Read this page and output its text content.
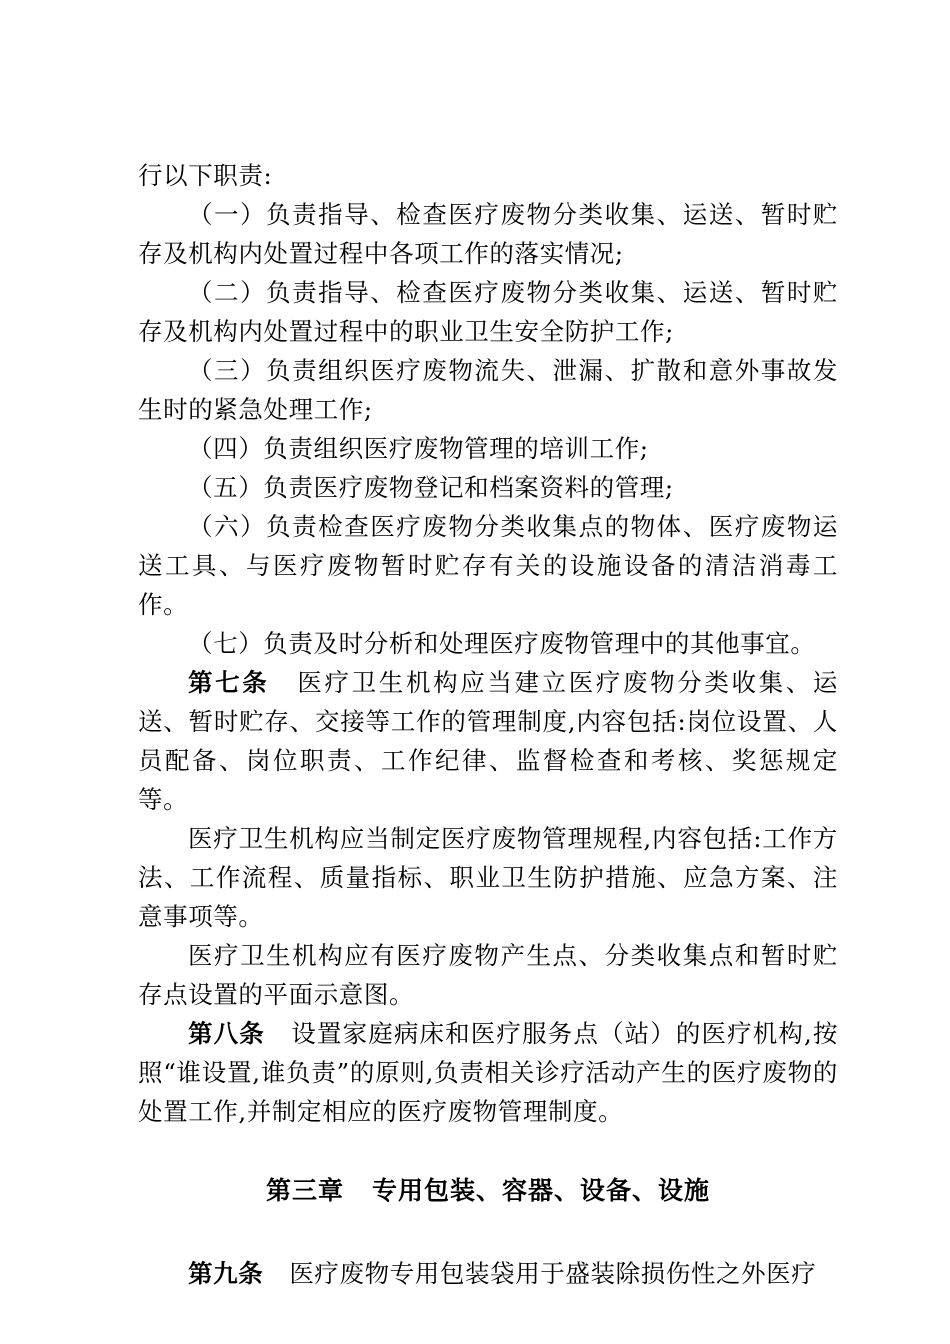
行以下职责:

（一）负责指导、检查医疗废物分类收集、运送、暂时贮存及机构内处置过程中各项工作的落实情况;

（二）负责指导、检查医疗废物分类收集、运送、暂时贮存及机构内处置过程中的职业卫生安全防护工作;

（三）负责组织医疗废物流失、泄漏、扩散和意外事故发生时的紧急处理工作;

（四）负责组织医疗废物管理的培训工作;

（五）负责医疗废物登记和档案资料的管理;

（六）负责检查医疗废物分类收集点的物体、医疗废物运送工具、与医疗废物暂时贮存有关的设施设备的清洁消毒工作。

（七）负责及时分析和处理医疗废物管理中的其他事宜。

第七条 医疗卫生机构应当建立医疗废物分类收集、运送、暂时贮存、交接等工作的管理制度,内容包括:岗位设置、人员配备、岗位职责、工作纪律、监督检查和考核、奖惩规定等。

医疗卫生机构应当制定医疗废物管理规程,内容包括:工作方法、工作流程、质量指标、职业卫生防护措施、应急方案、注意事项等。

医疗卫生机构应有医疗废物产生点、分类收集点和暂时贮存点设置的平面示意图。

第八条 设置家庭病床和医疗服务点（站）的医疗机构,按照“谁设置,谁负责”的原则,负责相关诊疗活动产生的医疗废物的处置工作,并制定相应的医疗废物管理制度。

第三章 专用包装、容器、设备、设施

第九条 医疗废物专用包装袋用于盛装除损伤性之外医疗
